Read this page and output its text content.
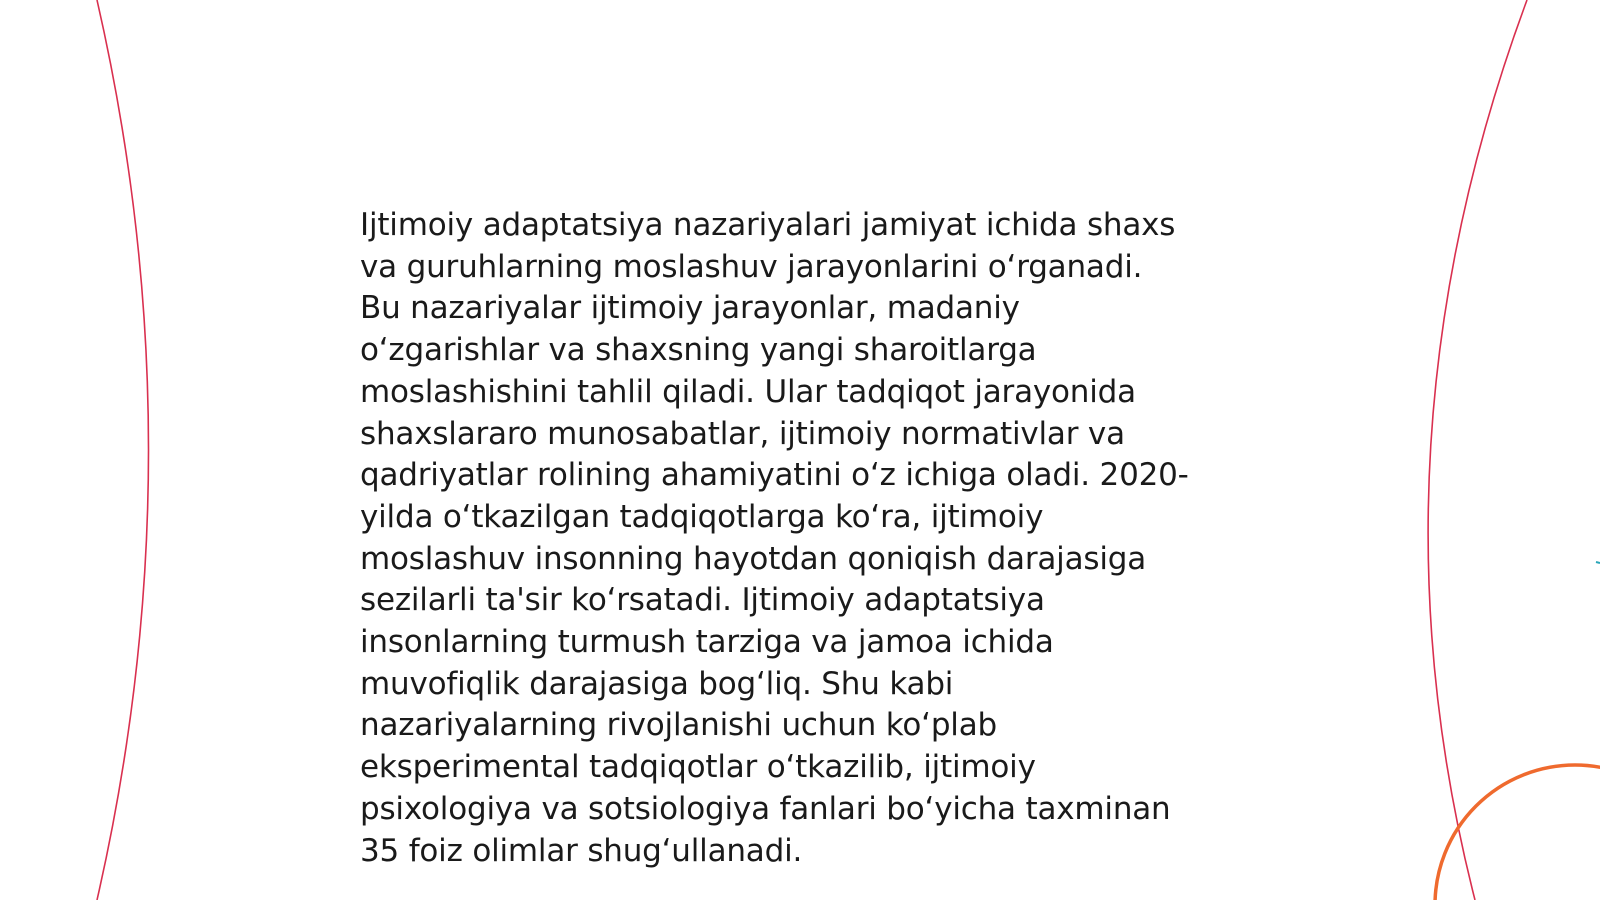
Ijtimoiy adaptatsiya nazariyalari jamiyat ichida shaxs
va guruhlarning moslashuv jarayonlarini oʻrganadi.
Bu nazariyalar ijtimoiy jarayonlar, madaniy
oʻzgarishlar va shaxsning yangi sharoitlarga
moslashishini tahlil qiladi. Ular tadqiqot jarayonida
shaxslararo munosabatlar, ijtimoiy normativlar va
qadriyatlar rolining ahamiyatini oʻz ichiga oladi. 2020-
yilda oʻtkazilgan tadqiqotlarga koʻra, ijtimoiy
moslashuv insonning hayotdan qoniqish darajasiga
sezilarli ta'sir koʻrsatadi. Ijtimoiy adaptatsiya
insonlarning turmush tarziga va jamoa ichida
muvofiqlik darajasiga bogʻliq. Shu kabi
nazariyalarning rivojlanishi uchun koʻplab
eksperimental tadqiqotlar oʻtkazilib, ijtimoiy
psixologiya va sotsiologiya fanlari boʻyicha taxminan
35 foiz olimlar shugʻullanadi.
